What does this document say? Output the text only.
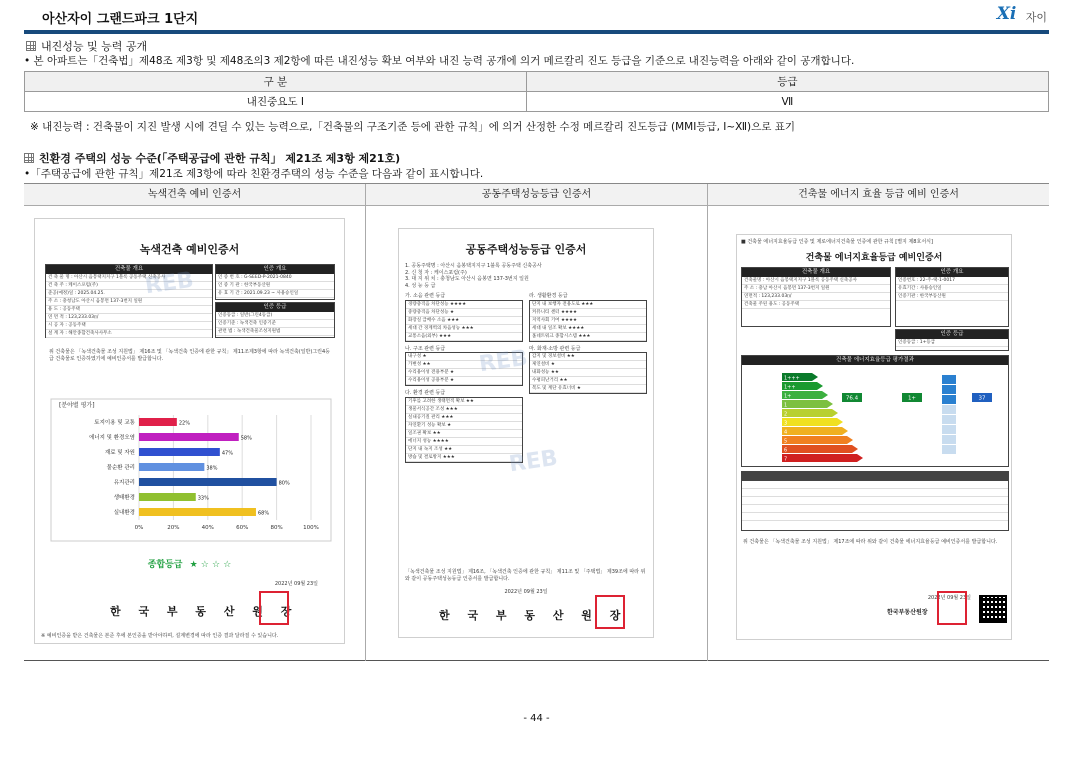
아산자이 그랜드파크 1단지	Xi 자이
내진성능 및 능력 공개
• 본 아파트는「건축법」제48조 제3항 및 제48조의3 제2항에 따른 내진성능 확보 여부와 내진 능력 공개에 의거 메르칼리 진도 등급을 기준으로 내진능력을 아래와 같이 공개합니다.
구 분	등급
내진중요도 I	Ⅶ
※ 내진능력 : 건축물이 지진 발생 시에 견딜 수 있는 능력으로,「건축물의 구조기준 등에 관한 규칙」에 의거 산정한 수정 메르칼리 진도등급 (MMI등급, Ⅰ~Ⅻ)으로 표기
친환경 주택의 성능 수준(「주택공급에 관한 규칙」 제21조 제3항 제21호)
•「주택공급에 관한 규칙」제21조 제3항에 따라 친환경주택의 성능 수준을 다음과 같이 표시합니다.
녹색건축 예비 인증서	공동주택성능등급 인증서	건축물 에너지 효율 등급 예비 인증서
녹색건축 예비인증서
건축물 개요
건 축 물 명 : 아산시 음봉택지지구 1블록 공동주택 신축공사
건 축 주 : 케이스포럼(주)
준공(예정)일 : 2025.04.25.
주 소 : 충청남도 아산시 음봉면 137-3번지 일원
용 도 : 공동주택
연 면 적 : 123,233.03㎡
시 공 자 : 공동주택
설 계 자 : 해안종합건축사사무소
인증 개요
인 증 번 호 : G-SEED-P-2021-0840
인 증 기 관 : 한국부동산원
유 효 기 간 : 2021.09.23 ~ 사용승인일
인증 등급
인증등급 : 일반(그린4등급)
인증기준 : 녹색건축 인증기준
관련 법 : 녹색건축물조성지원법
REB
위 건축물은 「녹색건축물 조성 지원법」 제16조 및 「녹색건축 인증에 관한 규칙」 제11조제3항에 따라 녹색건축(일반)그린4등급 건축물로 인증하였기에 예비인증서를 발급합니다.
[분야별 평가]
0%	20%	40%	60%	80%	100%
토지이용 및 교통	22%
에너지 및 환경오염	58%
재료 및 자원	47%
물순환 관리	38%
유지관리	80%
생태환경	33%
실내환경	68%
종합등급 ★ ☆ ☆ ☆
2022년 09월 23일
한 국 부 동 산 원 장
※ 예비인증을 받은 건축물은 본준 후에 본인증을 받아야하며, 설계변경에 따라 인증 결과 달라질 수 있습니다.
공동주택성능등급 인증서
1. 공동주택명 : 아산시 음봉택지지구 1블록 공동주택 신축공사
2. 신 청 자 : 케이스포럼(주)
3. 대 지 위 치 : 충청남도 아산시 음봉면 137-3번지 일원
4. 성 능 등 급
가. 소음 관련 등급
경량충격음 차단성능 ★★★★
중량충격음 차단성능 ★
화장실 급배수 소음 ★★★
세대 간 경계벽의 차음성능 ★★★
교통소음(외부) ★★★
나. 구조 관련 등급
내구성 ★
가변성 ★★
수리용이성 전용부분 ★
수리용이성 공용부분 ★
다. 환경 관련 등급
기후를 고려한 생태면적 확보 ★★
생물서식공간 조성 ★★★
실내공기질 관리 ★★★
자연환기 성능 확보 ★
일조권 확보 ★★
에너지 성능 ★★★★
단지 내 녹지 조성 ★★
방습 및 결로방지 ★★★
라. 생활환경 등급
단지 내 보행자 전용도로 ★★★
커뮤니티 센터 ★★★★
지역사회 기여 ★★★★
세대 내 일조 확보 ★★★★
홈네트워크 종합시스템 ★★★
마. 화재·소방 관련 등급
감지 및 경보설비 ★★
제연설비 ★
내화성능 ★★
수평피난거리 ★★
복도 및 계단 유효너비 ★
REB
REB
「녹색건축물 조성 지원법」 제16조, 「녹색건축 인증에 관한 규칙」 제11조 및 「주택법」 제39조에 따라 위와 같이 공동주택성능등급 인증서를 발급합니다.
2022년 09월 23일
한 국 부 동 산 원 장
■ 건축물 에너지효율등급 인증 및 제로에너지건축물 인증에 관한 규칙 [별지 제8호서식]
건축물 에너지효율등급 예비인증서
건축물 개요
건축물명 : 아산시 음봉택지지구 1블록 공동주택 신축공사
주 소 : 충남 아산시 음봉면 137-3번지 일원
연면적 : 123,233.03㎡
건축물 주된 용도 : 공동주택
인증 개요
인증번호 : 22-주-택-1-0017
유효기간 : 사용승인일
인증기관 : 한국부동산원
인증 등급
인증등급 : 1+등급
건축물 에너지효율등급 평가결과
1+++
1++
1+
1
2
3
4
5
6
7
76.4	1+	37
위 건축물은 「녹색건축물 조성 지원법」 제17조에 따라 위와 같이 건축물 에너지효율등급 예비인증서를 발급합니다.
2022년 09월 23일
한국부동산원장
- 44 -
